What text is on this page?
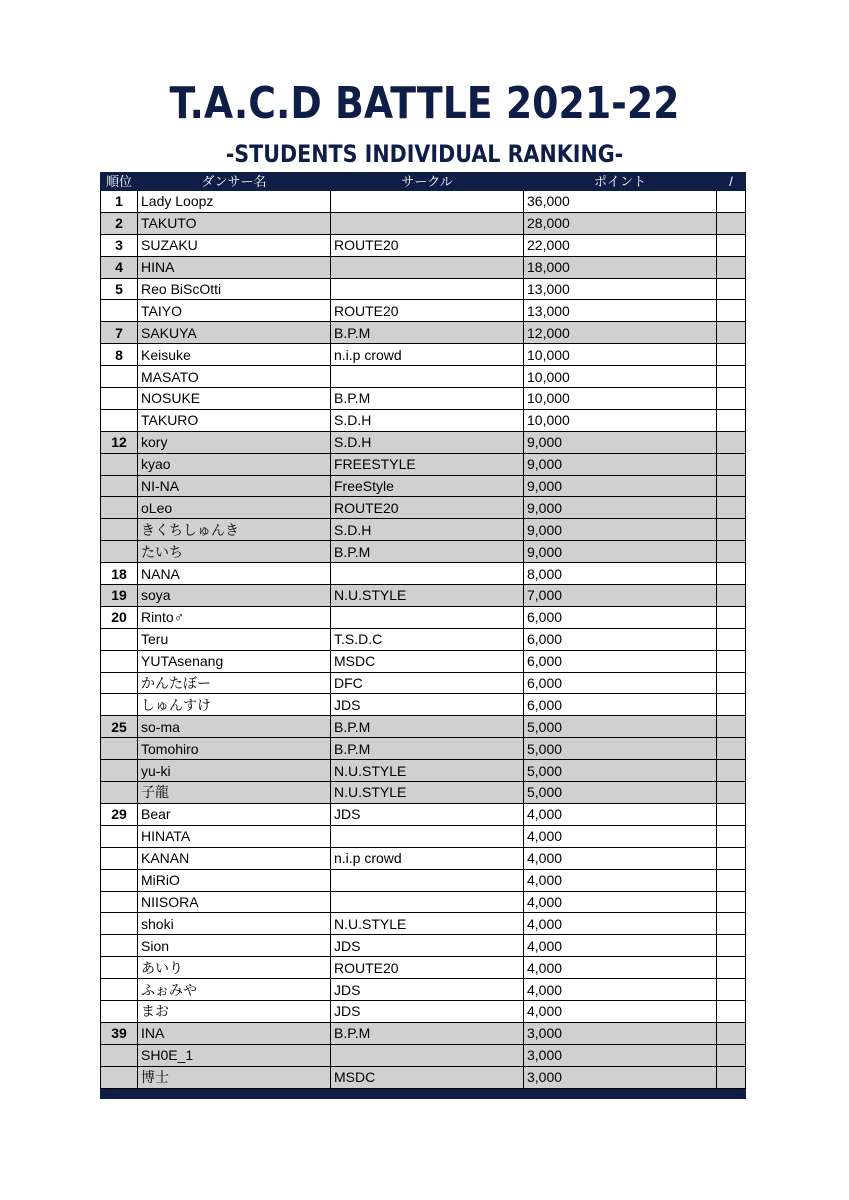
T.A.C.D BATTLE 2021-22
-STUDENTS INDIVIDUAL RANKING-
順位	ダンサー名	サークル	ポイント	/
1	Lady Loopz		36,000	
2	TAKUTO		28,000	
3	SUZAKU	ROUTE20	22,000	
4	HINA		18,000	
5	Reo BiScOtti		13,000	
	TAIYO	ROUTE20	13,000	
7	SAKUYA	B.P.M	12,000	
8	Keisuke	n.i.p crowd	10,000	
	MASATO		10,000	
	NOSUKE	B.P.M	10,000	
	TAKURO	S.D.H	10,000	
12	kory	S.D.H	9,000	
	kyao	FREESTYLE	9,000	
	NI-NA	FreeStyle	9,000	
	oLeo	ROUTE20	9,000	
	きくちしゅんき	S.D.H	9,000	
	たいち	B.P.M	9,000	
18	NANA		8,000	
19	soya	N.U.STYLE	7,000	
20	Rinto♂		6,000	
	Teru	T.S.D.C	6,000	
	YUTAsenang	MSDC	6,000	
	かんたぼー	DFC	6,000	
	しゅんすけ	JDS	6,000	
25	so-ma	B.P.M	5,000	
	Tomohiro	B.P.M	5,000	
	yu-ki	N.U.STYLE	5,000	
	子龍	N.U.STYLE	5,000	
29	Bear	JDS	4,000	
	HINATA		4,000	
	KANAN	n.i.p crowd	4,000	
	MiRiO		4,000	
	NIISORA		4,000	
	shoki	N.U.STYLE	4,000	
	Sion	JDS	4,000	
	あいり	ROUTE20	4,000	
	ふぉみや	JDS	4,000	
	まお	JDS	4,000	
39	INA	B.P.M	3,000	
	SH0E_1		3,000	
	博士	MSDC	3,000	
